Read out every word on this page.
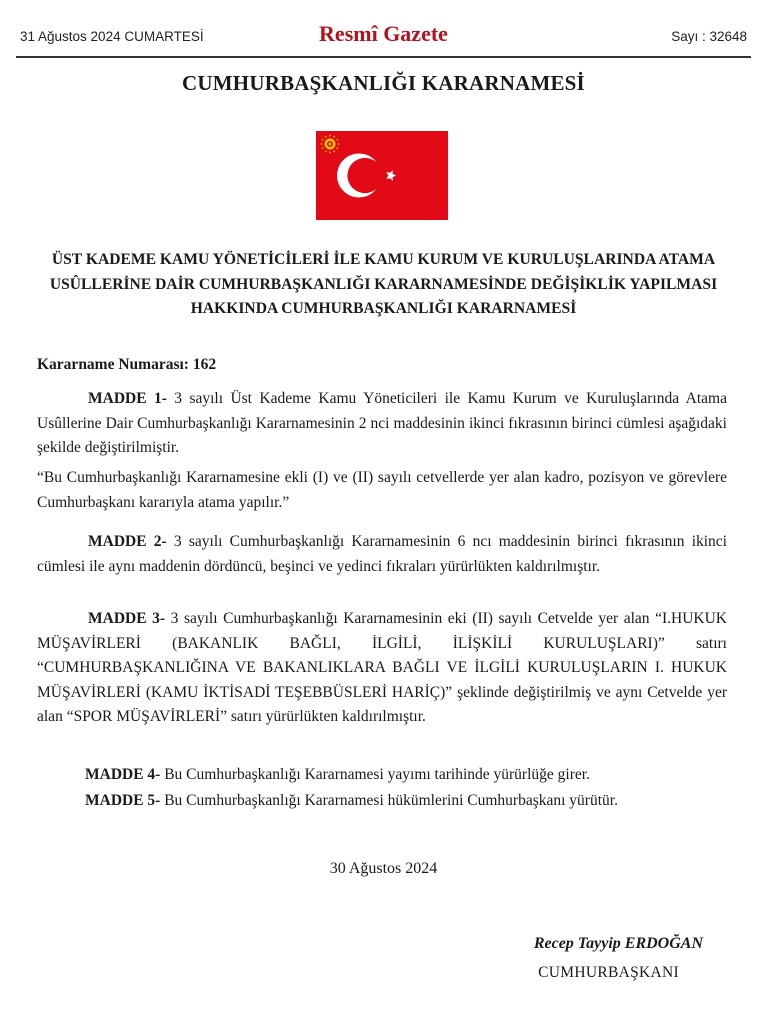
31 Ağustos 2024 CUMARTESİ	Resmî Gazete	Sayı : 32648
CUMHURBAŞKANLIĞI KARARNAMESİ
ÜST KADEME KAMU YÖNETİCİLERİ İLE KAMU KURUM VE KURULUŞLARINDA ATAMA USÛLLERİNE DAİR CUMHURBAŞKANLIĞI KARARNAMESİNDE DEĞİŞİKLİK YAPILMASI HAKKINDA CUMHURBAŞKANLIĞI KARARNAMESİ
Kararname Numarası: 162
MADDE 1- 3 sayılı Üst Kademe Kamu Yöneticileri ile Kamu Kurum ve Kuruluşlarında Atama Usûllerine Dair Cumhurbaşkanlığı Kararnamesinin 2 nci maddesinin ikinci fıkrasının birinci cümlesi aşağıdaki şekilde değiştirilmiştir.
“Bu Cumhurbaşkanlığı Kararnamesine ekli (I) ve (II) sayılı cetvellerde yer alan kadro, pozisyon ve görevlere Cumhurbaşkanı kararıyla atama yapılır.”
MADDE 2- 3 sayılı Cumhurbaşkanlığı Kararnamesinin 6 ncı maddesinin birinci fıkrasının ikinci cümlesi ile aynı maddenin dördüncü, beşinci ve yedinci fıkraları yürürlükten kaldırılmıştır.
MADDE 3- 3 sayılı Cumhurbaşkanlığı Kararnamesinin eki (II) sayılı Cetvelde yer alan “I.HUKUK MÜŞAVİRLERİ (BAKANLIK BAĞLI, İLGİLİ, İLİŞKİLİ KURULUŞLARI)” satırı “CUMHURBAŞKANLIĞINA VE BAKANLIKLARA BAĞLI VE İLGİLİ KURULUŞLARIN I. HUKUK MÜŞAVİRLERİ (KAMU İKTİSADİ TEŞEBBÜSLERİ HARİÇ)” şeklinde değiştirilmiş ve aynı Cetvelde yer alan “SPOR MÜŞAVİRLERİ” satırı yürürlükten kaldırılmıştır.
MADDE 4- Bu Cumhurbaşkanlığı Kararnamesi yayımı tarihinde yürürlüğe girer.
MADDE 5- Bu Cumhurbaşkanlığı Kararnamesi hükümlerini Cumhurbaşkanı yürütür.
30 Ağustos 2024
Recep Tayyip ERDOĞAN
CUMHURBAŞKANI
